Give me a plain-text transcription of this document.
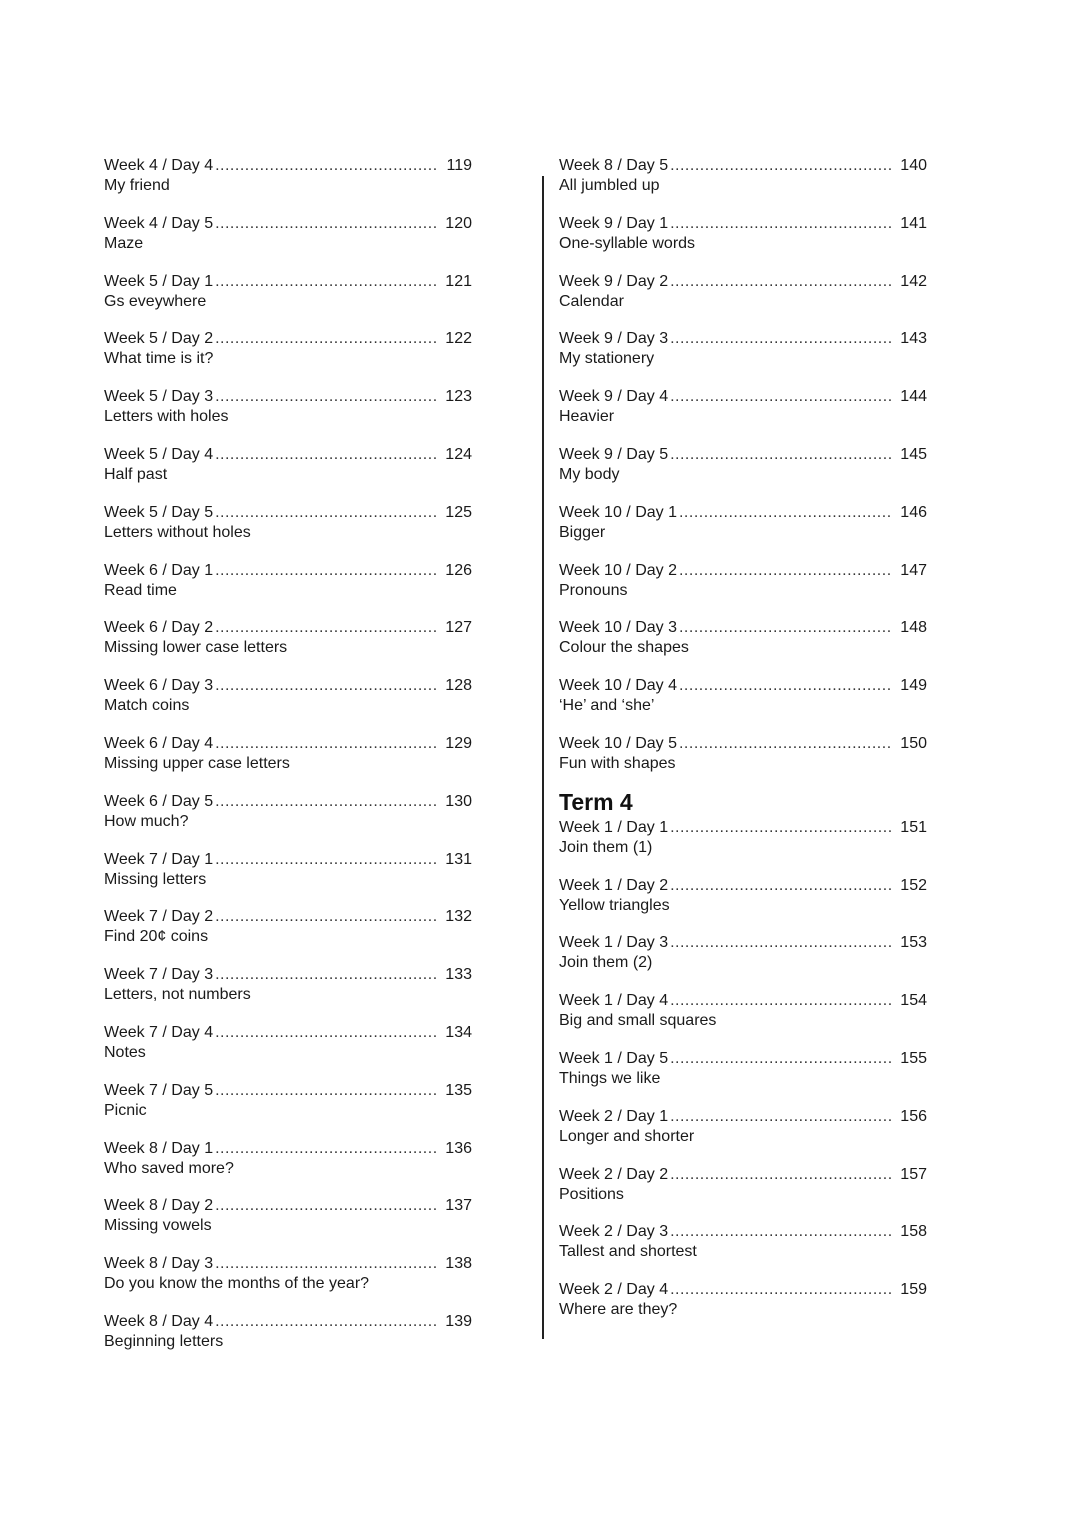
Week 4 / Day 4 .....	119
My friend
Week 4 / Day 5 .....	120
Maze
Week 5 / Day 1 .....	121
Gs eveywhere
Week 5 / Day 2 .....	122
What time is it?
Week 5 / Day 3 .....	123
Letters with holes
Week 5 / Day 4 .....	124
Half past
Week 5 / Day 5 .....	125
Letters without holes
Week 6 / Day 1 .....	126
Read time
Week 6 / Day 2 .....	127
Missing lower case letters
Week 6 / Day 3 .....	128
Match coins
Week 6 / Day 4 .....	129
Missing upper case letters
Week 6 / Day 5 .....	130
How much?
Week 7 / Day 1 .....	131
Missing letters
Week 7 / Day 2 .....	132
Find 20¢ coins
Week 7 / Day 3 .....	133
Letters, not numbers
Week 7 / Day 4 .....	134
Notes
Week 7 / Day 5 .....	135
Picnic
Week 8 / Day 1 .....	136
Who saved more?
Week 8 / Day 2 .....	137
Missing vowels
Week 8 / Day 3 .....	138
Do you know the months of the year?
Week 8 / Day 4 .....	139
Beginning letters
Week 8 / Day 5 .....	140
All jumbled up
Week 9 / Day 1 .....	141
One-syllable words
Week 9 / Day 2 .....	142
Calendar
Week 9 / Day 3 .....	143
My stationery
Week 9 / Day 4 .....	144
Heavier
Week 9 / Day 5 .....	145
My body
Week 10 / Day 1 .....	146
Bigger
Week 10 / Day 2 .....	147
Pronouns
Week 10 / Day 3 .....	148
Colour the shapes
Week 10 / Day 4 .....	149
‘He’ and ‘she’
Week 10 / Day 5 .....	150
Fun with shapes
Term 4
Week 1 / Day 1 .....	151
Join them (1)
Week 1 / Day 2 .....	152
Yellow triangles
Week 1 / Day 3 .....	153
Join them (2)
Week 1 / Day 4 .....	154
Big and small squares
Week 1 / Day 5 .....	155
Things we like
Week 2 / Day 1 .....	156
Longer and shorter
Week 2 / Day 2 .....	157
Positions
Week 2 / Day 3 .....	158
Tallest and shortest
Week 2 / Day 4 .....	159
Where are they?
